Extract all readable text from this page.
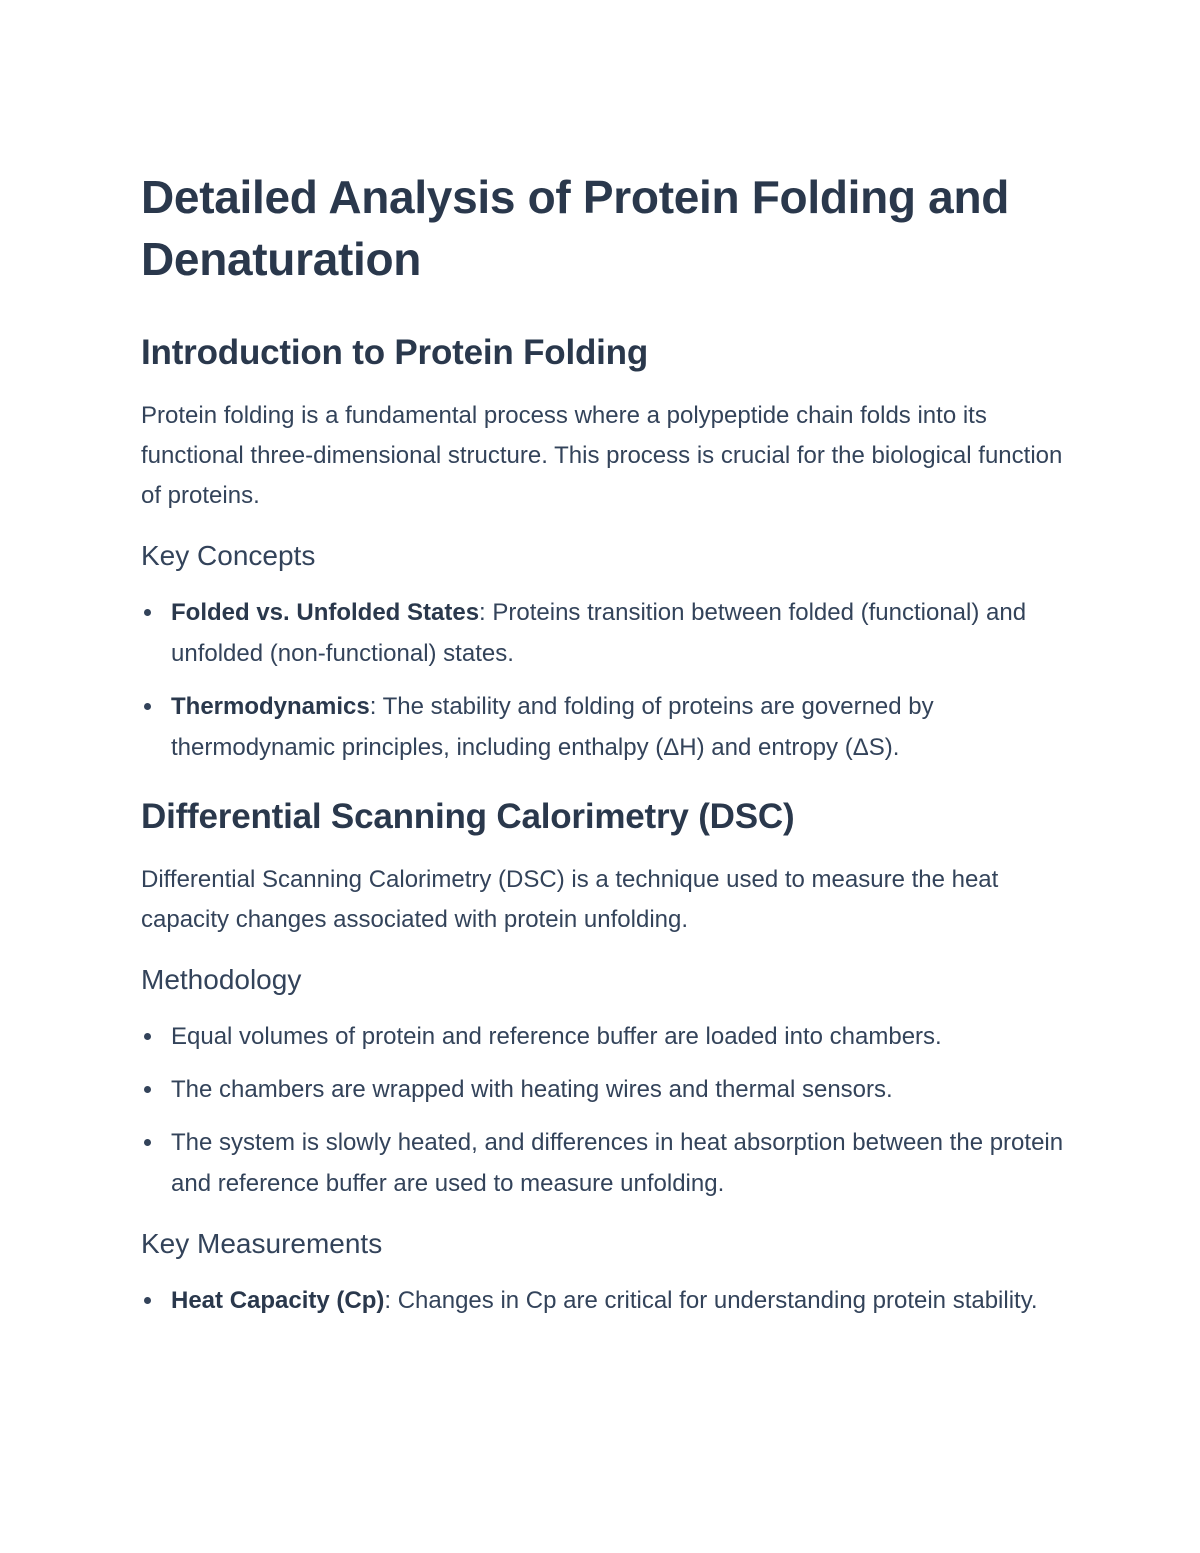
Detailed Analysis of Protein Folding and Denaturation
Introduction to Protein Folding

Protein folding is a fundamental process where a polypeptide chain folds into its functional three-dimensional structure. This process is crucial for the biological function of proteins.

Key Concepts
Folded vs. Unfolded States: Proteins transition between folded (functional) and unfolded (non-functional) states.
Thermodynamics: The stability and folding of proteins are governed by thermodynamic principles, including enthalpy (ΔH) and entropy (ΔS).
Differential Scanning Calorimetry (DSC)

Differential Scanning Calorimetry (DSC) is a technique used to measure the heat capacity changes associated with protein unfolding.

Methodology
Equal volumes of protein and reference buffer are loaded into chambers.
The chambers are wrapped with heating wires and thermal sensors.
The system is slowly heated, and differences in heat absorption between the protein and reference buffer are used to measure unfolding.
Key Measurements
Heat Capacity (Cp): Changes in Cp are critical for understanding protein stability.
